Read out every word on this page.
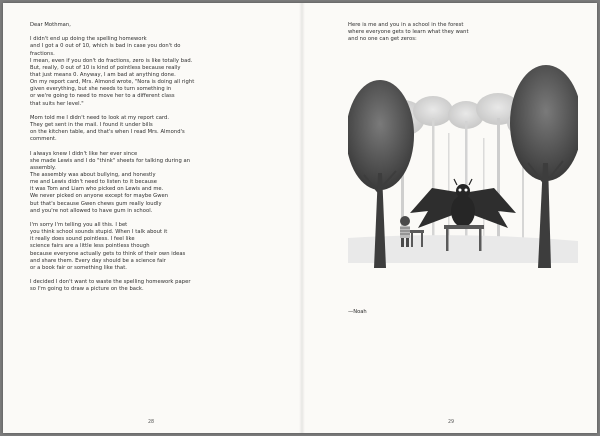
Dear Mothman,
I didn't end up doing the spelling homework
and I got a 0 out of 10, which is bad in case you don't do
fractions.
I mean, even if you don't do fractions, zero is like totally bad.
But, really, 0 out of 10 is kind of pointless because really
that just means 0. Anyway, I am bad at anything done.
On my report card, Mrs. Almond wrote, "Nora is doing all right
given everything, but she needs to turn something in
or we're going to need to move her to a different class
that suits her level."
Mom told me I didn't need to look at my report card.
They get sent in the mail. I found it under bills
on the kitchen table, and that's when I read Mrs. Almond's
comment.
I always knew I didn't like her ever since
she made Lewis and I do "think" sheets for talking during an
assembly.
The assembly was about bullying, and honestly
me and Lewis didn't need to listen to it because
it was Tom and Liam who picked on Lewis and me.
We never picked on anyone except for maybe Gwen
but that's because Gwen chews gum really loudly
and you're not allowed to have gum in school.
I'm sorry I'm telling you all this. I bet
you think school sounds stupid. When I talk about it
it really does sound pointless. I feel like
science fairs are a little less pointless though
because everyone actually gets to think of their own ideas
and share them. Every day should be a science fair
or a book fair or something like that.
I decided I don't want to waste the spelling homework paper
so I'm going to draw a picture on the back.
28
Here is me and you in a school in the forest
where everyone gets to learn what they want
and no one can get zeros:
—Noah
29
